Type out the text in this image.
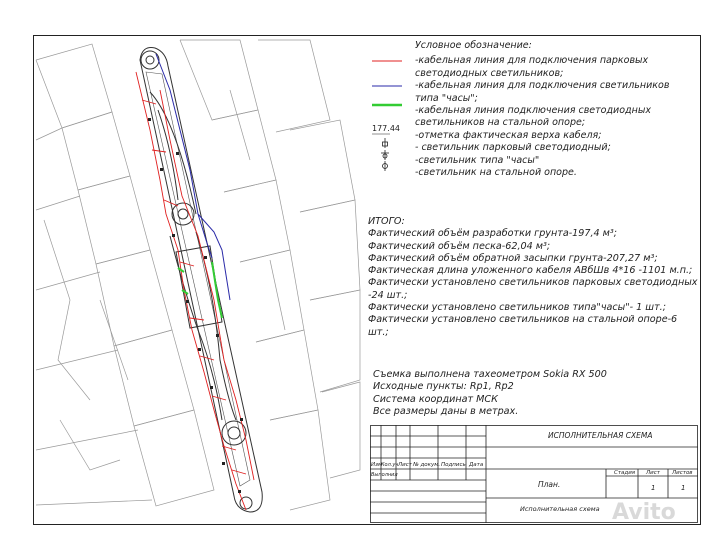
Условное обозначение:
-кабельная линия для подключения парковых
светодиодных светильников;
-кабельная линия для подключения светильников
типа "часы";
-кабельная линия подключения светодиодных
светильников на стальной опоре;
-отметка фактическая верха кабеля;
- светильник парковый светодиодный;
-светильник типа "часы"
-светильник на стальной опоре.
177.44
ИТОГО:
Фактический объём разработки грунта-197,4 м³;
Фактический объём песка-62,04 м³;
Фактический объём обратной засыпки грунта-207,27 м³;
Фактическая длина уложенного кабеля АВбШв 4*16 -1101 м.п.;
Фактически установлено светильников парковых светодиодных
-24 шт.;
Фактически установлено светильников типа"часы"- 1 шт.;
Фактически установлено светильников на стальной опоре-6 шт.;
Съемка выполнена тахеометром Sokia RX 500
Исходные пункты: Rp1, Rp2
Система координат МСК
Все размеры даны в метрах.
ИСПОЛНИТЕЛЬНАЯ СХЕМА
Изм
Кол.уч Лист № докум. Подпись Дата
Выполнил
План.
Стадия Лист Листов
1	1
Исполнительная схема Avito
